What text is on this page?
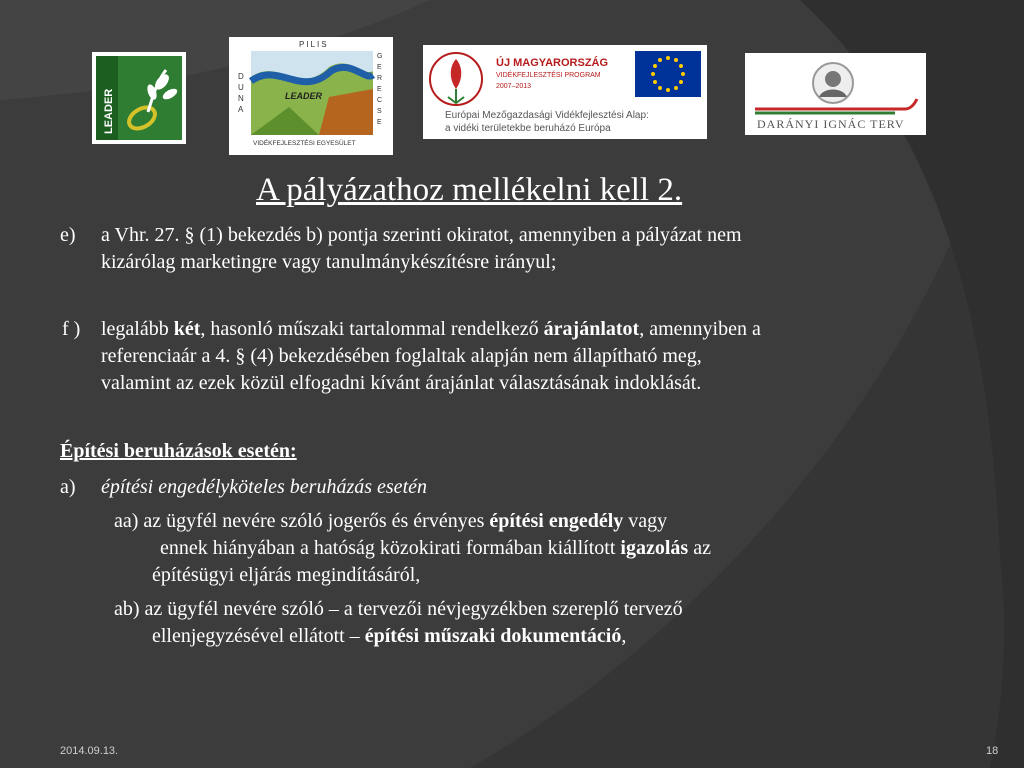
LEADER
PILIS
DUNA
GERECSE
LEADER
VIDÉKFEJLESZTÉSI EGYESÜLET
ÚJ MAGYARORSZÁG
VIDÉKFEJLESZTÉSI PROGRAM
2007–2013
Európai Mezőgazdasági Vidékfejlesztési Alap:
a vidéki területekbe beruházó Európa	DARÁNYI IGNÁC TERV
A pályázathoz mellékelni kell 2.
e) a Vhr. 27. § (1) bekezdés b) pontja szerinti okiratot, amennyiben a pályázat nem
kizárólag marketingre vagy tanulmánykészítésre irányul;
f ) legalább két, hasonló műszaki tartalommal rendelkező árajánlatot, amennyiben a
referenciaár a 4. § (4) bekezdésében foglaltak alapján nem állapítható meg,
valamint az ezek közül elfogadni kívánt árajánlat választásának indoklását.
Építési beruházások esetén:
a) építési engedélyköteles beruházás esetén
aa) az ügyfél nevére szóló jogerős és érvényes építési engedély vagy
ennek hiányában a hatóság közokirati formában kiállított igazolás az
építésügyi eljárás megindításáról,
ab) az ügyfél nevére szóló – a tervezői névjegyzékben szereplő tervező
ellenjegyzésével ellátott – építési műszaki dokumentáció,
2014.09.13.	18
